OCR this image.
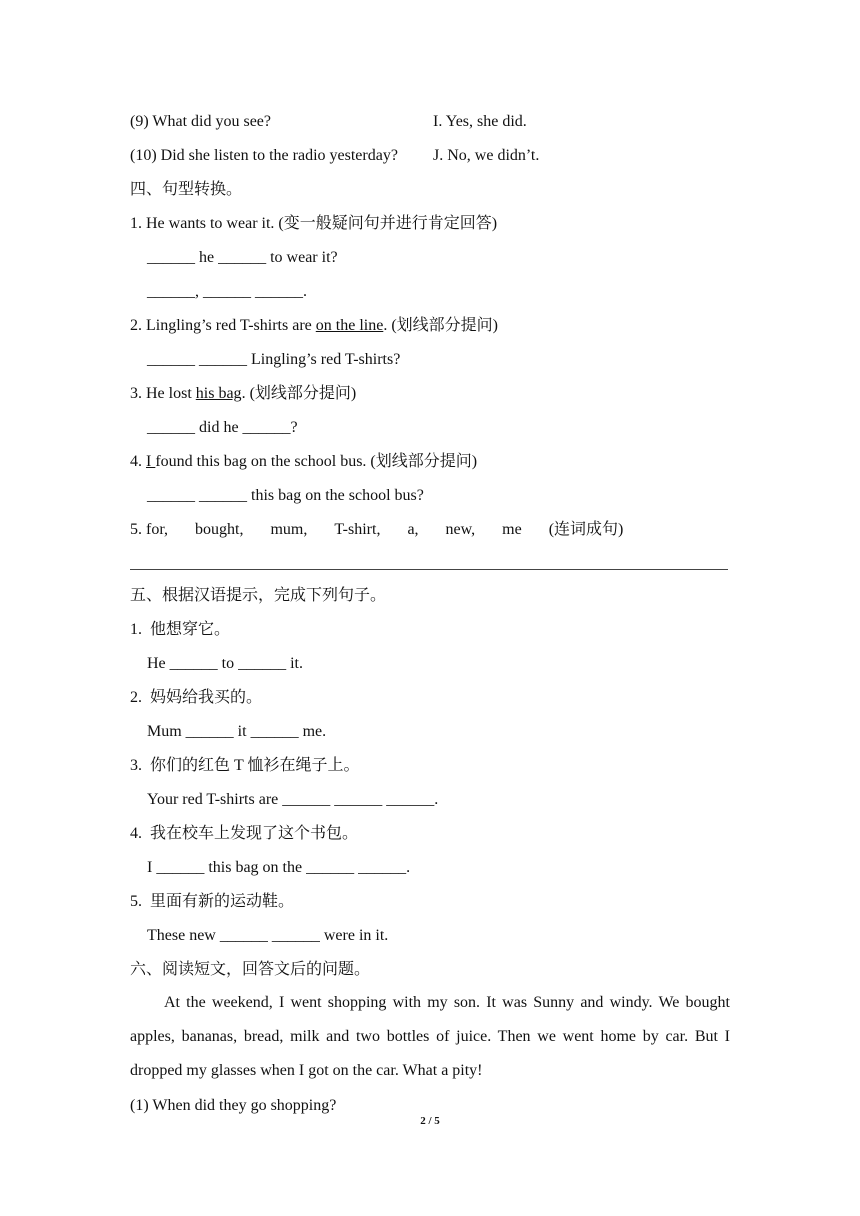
(9) What did you see?	I. Yes, she did.
(10) Did she listen to the radio yesterday? J. No, we didn’t.
四、句型转换。
1. He wants to wear it. (变一般疑问句并进行肯定回答)
______ he ______ to wear it?
______, ______ ______.
2. Lingling’s red T-shirts are on the line. (划线部分提问)
______ ______ Lingling’s red T-shirts?
3. He lost his bag. (划线部分提问)
______ did he ______?
4. I found this bag on the school bus. (划线部分提问)
______ ______ this bag on the school bus?
5. for, bought, mum, T-shirt, a, new, me (连词成句)
五、根据汉语提示，完成下列句子。
1.  他想穿它。
He ______ to ______ it.
2.  妈妈给我买的。
Mum ______ it ______ me.
3.  你们的红色 T 恤衫在绳子上。
Your red T-shirts are ______ ______ ______.
4.  我在校车上发现了这个书包。
I ______ this bag on the ______ ______.
5.  里面有新的运动鞋。
These new ______ ______ were in it.
六、阅读短文，回答文后的问题。
At the weekend, I went shopping with my son. It was Sunny and windy. We bought apples, bananas, bread, milk and two bottles of juice. Then we went home by car. But I dropped my glasses when I got on the car. What a pity!
(1) When did they go shopping?
2 / 5
